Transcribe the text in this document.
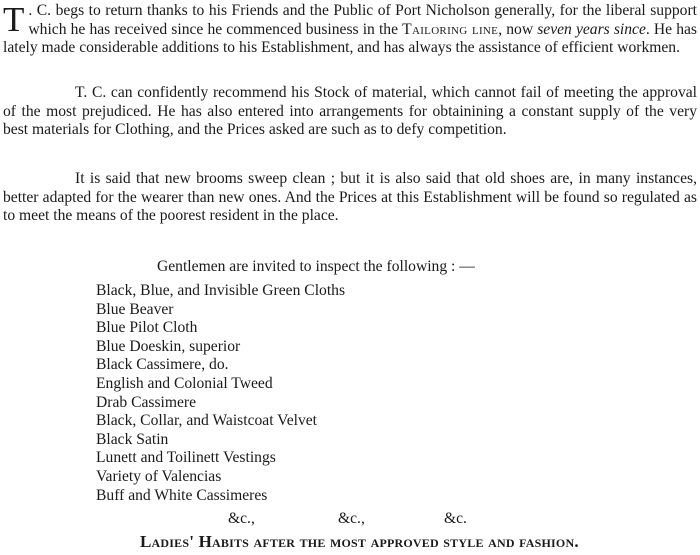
T . C. begs to return thanks to his Friends and the Public of Port Nicholson generally, for the liberal support which he has received since he commenced business in the Tailoring line, now seven years since. He has lately made considerable additions to his Establishment, and has always the assistance of efficient workmen.

T. C. can confidently recommend his Stock of material, which cannot fail of meeting the approval of the most prejudiced. He has also entered into arrangements for obtainining a constant supply of the very best materials for Clothing, and the Prices asked are such as to defy competition.

It is said that new brooms sweep clean ; but it is also said that old shoes are, in many instances, better adapted for the wearer than new ones. And the Prices at this Establishment will be found so regulated as to meet the means of the poorest resident in the place.

Gentlemen are invited to inspect the following : —
Black, Blue, and Invisible Green Cloths
Blue Beaver
Blue Pilot Cloth
Blue Doeskin, superior
Black Cassimere, do.
English and Colonial Tweed
Drab Cassimere
Black, Collar, and Waistcoat Velvet
Black Satin
Lunett and Toilinett Vestings
Variety of Valencias
Buff and White Cassimeres
&c.,	&c.,	&c.
Ladies' Habits after the most approved style and fashion.
